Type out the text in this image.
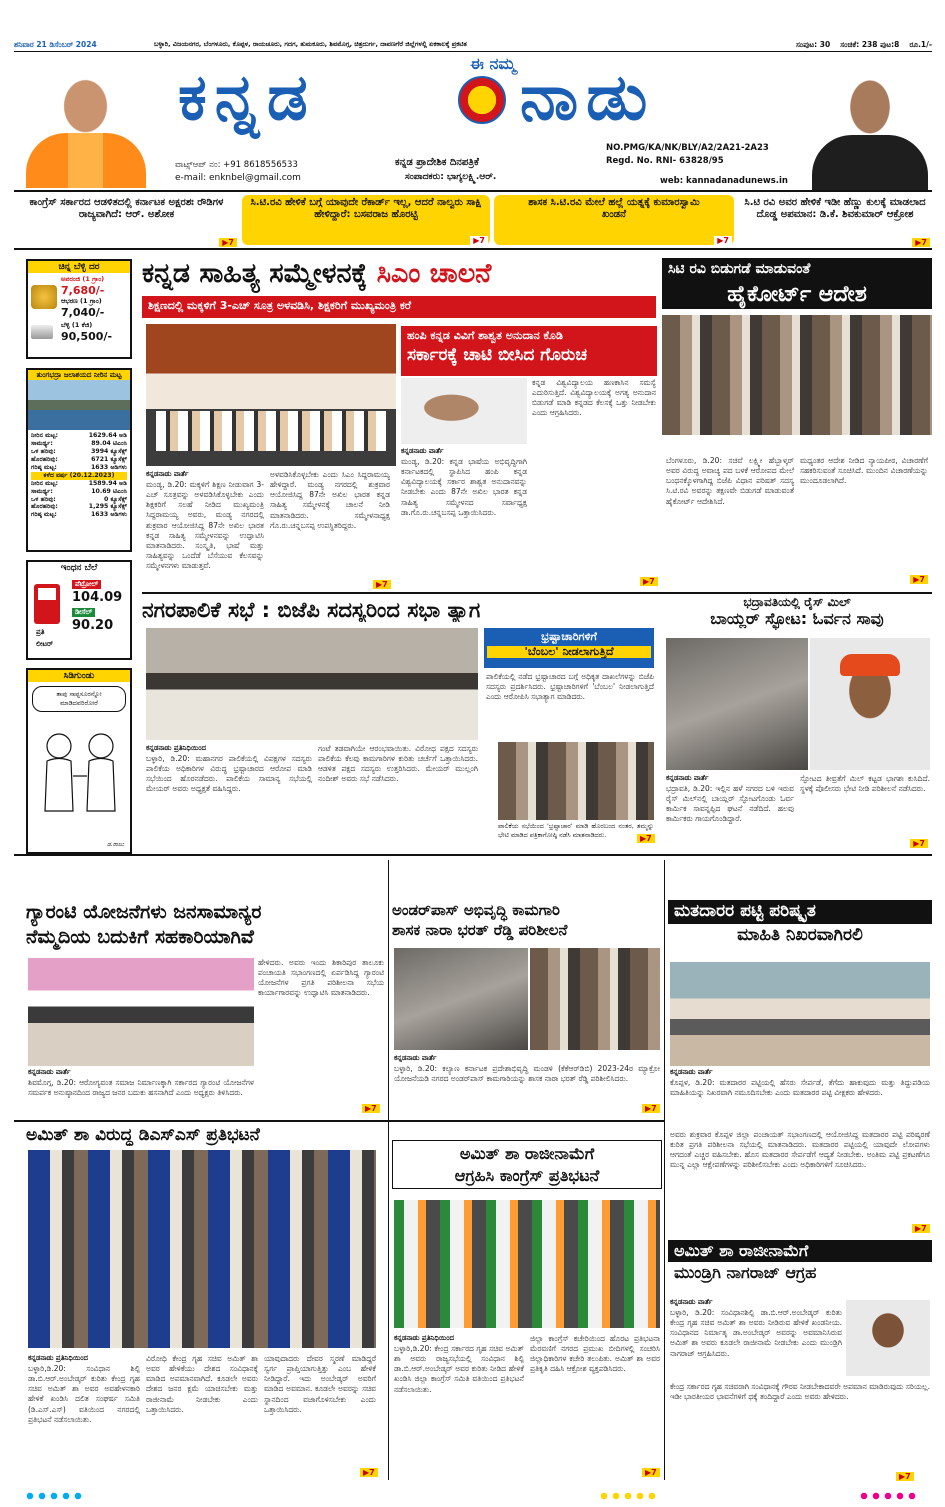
ಶನಿವಾರ 21 ಡಿಸೆಂಬರ್ 2024	ಬಳ್ಳಾರಿ, ವಿಜಯನಗರ, ಬೆಂಗಳೂರು, ಕೊಪ್ಪಳ, ರಾಯಚೂರು, ಗದಗ, ತುಮಕೂರು, ಶಿವಮೊಗ್ಗ, ಚಿತ್ರದುರ್ಗ, ದಾವಣಗೆರೆ ಜಿಲ್ಲೆಗಳಲ್ಲಿ ಏಕಕಾಲಕ್ಕೆ ಪ್ರಕಟಿತ	ಸಂಪುಟ: 30 ಸಂಚಿಕೆ: 238 ಪುಟ:8 ರೂ.1/-
ಈ ನಮ್ಮ
ಕನ್ನಡ	ನಾಡು
ಕನ್ನಡ ಪ್ರಾದೇಶಿಕ ದಿನಪತ್ರಿಕೆ
ಸಂಪಾದಕರು: ಭಾಗ್ಯಲಕ್ಷ್ಮಿ.ಆರ್.
ವಾಟ್ಸ್ಆಪ್ ನಂ: +91 8618556533
e-mail: enknbel@gmail.com
NO.PMG/KA/NK/BLY/A2/2A21-2A23
Regd. No. RNI- 63828/95
web: kannadanadunews.in
ಕಾಂಗ್ರೆಸ್ ಸರ್ಕಾರದ ಆಡಳಿತದಲ್ಲಿ ಕರ್ನಾಟಕ ಅಕ್ಷರಶಃ ರೌಡಿಗಳ ರಾಜ್ಯವಾಗಿದೆ: ಆರ್. ಅಶೋಕ
▶7
ಸಿ.ಟಿ.ರವಿ ಹೇಳಿಕೆ ಬಗ್ಗೆ ಯಾವುದೇ ರೆಕಾರ್ಡ್ ಇಲ್ಲ, ಆದರೆ ನಾಲ್ವರು ಸಾಕ್ಷಿ ಹೇಳಿದ್ದಾರೆ: ಬಸವರಾಜ ಹೊರಟ್ಟಿ
▶7
ಶಾಸಕ ಸಿ.ಟಿ.ರವಿ ಮೇಲೆ ಹಲ್ಲೆ ಯತ್ನಕ್ಕೆ ಕುಮಾರಸ್ವಾಮಿ ಖಂಡನೆ
▶7
ಸಿ.ಟಿ ರವಿ ಅವರ ಹೇಳಿಕೆ ಇಡೀ ಹೆಣ್ಣು ಕುಲಕ್ಕೆ ಮಾಡಲಾದ ದೊಡ್ಡ ಅಪಮಾನ: ಡಿ.ಕೆ. ಶಿವಕುಮಾರ್ ಆಕ್ರೋಶ
▶7
ಚಿನ್ನ ಬೆಳ್ಳಿ ದರ
ಅಪರಂಜಿ (1 ಗ್ರಾಂ)
7,680/-
ಆಭರಣ (1 ಗ್ರಾಂ)
7,040/-
ಬೆಳ್ಳಿ (1 ಕೆಜಿ)
90,500/-
ತುಂಗಭದ್ರಾ ಜಲಾಶಯದ ನೀರಿನ ಮಟ್ಟ
ನೀರಿನ ಮಟ್ಟ:	1629.64 ಅಡಿ
ಸಾಮರ್ಥ್ಯ:	89.04 ಟಿಎಂಸಿ
ಒಳ ಹರಿವು:	3994 ಕ್ಯೂಸೆಕ್ಸ್
ಹೊರಹರಿವು:	6721 ಕ್ಯೂಸೆಕ್ಸ್
ಗರಿಷ್ಠ ಮಟ್ಟ:	1633 ಅಡಿಗಳು
ಕಳೆದ ವರ್ಷ (20.12.2023)
ನೀರಿನ ಮಟ್ಟ:	1589.94 ಅಡಿ
ಸಾಮರ್ಥ್ಯ:	10.69 ಟಿಎಂಸಿ
ಒಳ ಹರಿವು:	0 ಕ್ಯೂಸೆಕ್ಸ್
ಹೊರಹರಿವು:	1,295 ಕ್ಯೂಸೆಕ್ಸ್
ಗರಿಷ್ಠ ಮಟ್ಟ:	1633 ಅಡಿಗಳು
ಇಂಧನ ಬೆಲೆ
ಪೆಟ್ರೋಲ್
104.09
ಡೀಸೆಲ್
90.20
ಪ್ರತಿ
ಲೀಟರ್
ಸಿಡಿಗುಂಡು
ತಾಪು ಸಾಪ್ಟಸೂರನ್ನೋ
ಮಾಡಿದವರಿರೋರೆ
ಡ.ರಾಜು
ಕನ್ನಡ ಸಾಹಿತ್ಯ ಸಮ್ಮೇಳನಕ್ಕೆ ಸಿಎಂ ಚಾಲನೆ
ಶಿಕ್ಷಣದಲ್ಲಿ ಮಕ್ಕಳಿಗೆ 3-ಎಚ್ ಸೂತ್ರ ಅಳವಡಿಸಿ, ಶಿಕ್ಷಕರಿಗೆ ಮುಖ್ಯಮಂತ್ರಿ ಕರೆ
ಕನ್ನಡನಾಡು ವಾರ್ತೆ
ಮಂಡ್ಯ, ಡಿ.20: ಮಕ್ಕಳಿಗೆ ಶಿಕ್ಷಣ ನೀಡುವಾಗ 3-ಎಚ್ ಸೂತ್ರವನ್ನು ಅಳವಡಿಸಿಕೊಳ್ಳಬೇಕು ಎಂದು ಶಿಕ್ಷಕರಿಗೆ ಸಲಹೆ ನೀಡಿದ ಮುಖ್ಯಮಂತ್ರಿ ಸಿದ್ದರಾಮಯ್ಯ ಅವರು, ಮಂಡ್ಯ ನಗರದಲ್ಲಿ ಶುಕ್ರವಾರ ಆಯೋಜಿಸಿದ್ದ 87ನೇ ಅಖಿಲ ಭಾರತ ಕನ್ನಡ ಸಾಹಿತ್ಯ ಸಮ್ಮೇಳನವನ್ನು ಉದ್ಘಾಟಿಸಿ ಮಾತನಾಡಿದರು. ಸಂಸ್ಕೃತಿ, ಭಾಷೆ ಮತ್ತು ಸಾಹಿತ್ಯವನ್ನು ಒಂದೆಡೆ ಬೆಸೆಯುವ ಕೆಲಸವನ್ನು ಸಮ್ಮೇಳನಗಳು ಮಾಡುತ್ತವೆ.
ಅಳವಡಿಸಿಕೊಳ್ಳಬೇಕು ಎಂದು ಸಿಎಂ ಸಿದ್ದರಾಮಯ್ಯ ಹೇಳಿದ್ದಾರೆ. ಮಂಡ್ಯ ನಗರದಲ್ಲಿ ಶುಕ್ರವಾರ ಆಯೋಜಿಸಿದ್ದ 87ನೇ ಅಖಿಲ ಭಾರತ ಕನ್ನಡ ಸಾಹಿತ್ಯ ಸಮ್ಮೇಳನಕ್ಕೆ ಚಾಲನೆ ನೀಡಿ ಮಾತನಾಡಿದರು. ಸಮ್ಮೇಳನಾಧ್ಯಕ್ಷ ಗೊ.ರು.ಚನ್ನಬಸಪ್ಪ ಉಪಸ್ಥಿತರಿದ್ದರು.
▶7
ಹಂಪಿ ಕನ್ನಡ ವಿವಿಗೆ ಶಾಶ್ವತ ಅನುದಾನ ಕೊಡಿ
ಸರ್ಕಾರಕ್ಕೆ ಚಾಟಿ ಬೀಸಿದ ಗೊರುಚ
ಕನ್ನಡನಾಡು ವಾರ್ತೆ
ಮಂಡ್ಯ, ಡಿ.20: ಕನ್ನಡ ಭಾಷೆಯ ಅಭಿವೃದ್ಧಿಗಾಗಿ ಕರ್ನಾಟಕದಲ್ಲಿ ಸ್ಥಾಪಿಸಿದ ಹಂಪಿ ಕನ್ನಡ ವಿಶ್ವವಿದ್ಯಾಲಯಕ್ಕೆ ಸರ್ಕಾರ ಶಾಶ್ವತ ಅನುದಾನವನ್ನು ನೀಡಬೇಕು ಎಂದು 87ನೇ ಅಖಿಲ ಭಾರತ ಕನ್ನಡ ಸಾಹಿತ್ಯ ಸಮ್ಮೇಳನದ ಸರ್ವಾಧ್ಯಕ್ಷ ಡಾ.ಗೊ.ರು.ಚನ್ನಬಸಪ್ಪ ಒತ್ತಾಯಿಸಿದರು.
ಕನ್ನಡ ವಿಶ್ವವಿದ್ಯಾಲಯ ಹಣಕಾಸಿನ ಸಮಸ್ಯೆ ಎದುರಿಸುತ್ತಿದೆ. ವಿಶ್ವವಿದ್ಯಾಲಯಕ್ಕೆ ಅಗತ್ಯ ಅನುದಾನ ಬಿಡುಗಡೆ ಮಾಡಿ ಕನ್ನಡದ ಕೆಲಸಕ್ಕೆ ಒತ್ತು ನೀಡಬೇಕು ಎಂದು ಆಗ್ರಹಿಸಿದರು.
▶7
ಸಿಟಿ ರವಿ ಬಿಡುಗಡೆ ಮಾಡುವಂತೆ
ಹೈಕೋರ್ಟ್ ಆದೇಶ
ಬೆಂಗಳೂರು, ಡಿ.20: ಸಚಿವೆ ಲಕ್ಷ್ಮೀ ಹೆಬ್ಬಾಳ್ಕರ್ ಅವರ ವಿರುದ್ಧ ಅವಾಚ್ಯ ಪದ ಬಳಕೆ ಆರೋಪದ ಮೇಲೆ ಬಂಧನಕ್ಕೊಳಗಾಗಿದ್ದ ಬಿಜೆಪಿ ವಿಧಾನ ಪರಿಷತ್ ಸದಸ್ಯ ಸಿ.ಟಿ.ರವಿ ಅವರನ್ನು ತಕ್ಷಣವೇ ಬಿಡುಗಡೆ ಮಾಡುವಂತೆ ಹೈಕೋರ್ಟ್ ಆದೇಶಿಸಿದೆ.
ಮಧ್ಯಂತರ ಆದೇಶ ನೀಡಿದ ನ್ಯಾಯಪೀಠ, ವಿಚಾರಣೆಗೆ ಸಹಕರಿಸುವಂತೆ ಸೂಚಿಸಿದೆ. ಮುಂದಿನ ವಿಚಾರಣೆಯನ್ನು ಮುಂದೂಡಲಾಗಿದೆ.
▶7
ನಗರಪಾಲಿಕೆ ಸಭೆ : ಬಿಜೆಪಿ ಸದಸ್ಯರಿಂದ ಸಭಾ ತ್ಯಾಗ
ಕನ್ನಡನಾಡು ಪ್ರತಿನಿಧಿಯಿಂದ
ಬಳ್ಳಾರಿ, ಡಿ.20: ಮಹಾನಗರ ಪಾಲಿಕೆಯಲ್ಲಿ ವಿಪಕ್ಷಗಳ ಸದಸ್ಯರು ಪಾಲಿಕೆಯ ಅಧಿಕಾರಿಗಳ ವಿರುದ್ಧ ಭ್ರಷ್ಟಾಚಾರದ ಆರೋಪ ಮಾಡಿ ಸಭೆಯಿಂದ ಹೊರನಡೆದರು. ಪಾಲಿಕೆಯ ಸಾಮಾನ್ಯ ಸಭೆಯಲ್ಲಿ ಮೇಯರ್ ಅವರು ಅಧ್ಯಕ್ಷತೆ ವಹಿಸಿದ್ದರು.
ಗಂಟೆ ತಡವಾಗಿಯೇ ಆರಂಭವಾಯಿತು. ವಿರೋಧ ಪಕ್ಷದ ಸದಸ್ಯರು ಪಾಲಿಕೆಯ ಕೆಲವು ಕಾಮಗಾರಿಗಳ ಕುರಿತು ಚರ್ಚೆಗೆ ಒತ್ತಾಯಿಸಿದರು. ಆಡಳಿತ ಪಕ್ಷದ ಸದಸ್ಯರು ಉತ್ತರಿಸಿದರು. ಮೇಯರ್ ಮುಲ್ಲಂಗಿ ನಂದೀಶ್ ಅವರು ಸಭೆ ನಡೆಸಿದರು.
ಭ್ರಷ್ಟಾಚಾರಿಗಳಿಗೆ
'ಬೆಂಬಲ' ನೀಡಲಾಗುತ್ತಿದೆ
ಪಾಲಿಕೆಯಲ್ಲಿ ನಡೆದ ಭ್ರಷ್ಟಾಚಾರದ ಬಗ್ಗೆ ಅಧಿಕೃತ ದಾಖಲೆಗಳನ್ನು ಬಿಜೆಪಿ ಸದಸ್ಯರು ಪ್ರದರ್ಶಿಸಿದರು. ಭ್ರಷ್ಟಾಚಾರಿಗಳಿಗೆ 'ಬೆಂಬಲ' ನೀಡಲಾಗುತ್ತಿದೆ ಎಂದು ಆರೋಪಿಸಿ ಸಭಾತ್ಯಾಗ ಮಾಡಿದರು.
ಪಾಲಿಕೆಯ ಸಭೆಯಿಂದ 'ಭ್ರಷ್ಟಾಚಾರ' ಮಾಡಿ ಹೊರಬಂದ ನಂತರ, ತಮ್ಮನ್ನು ಭೇಟಿ ಮಾಡಿದ ಪತ್ರಿಕಾಗೋಷ್ಠಿ ನಡೆಸಿ ಮಾತನಾಡಿದರು.	▶7
ಭದ್ರಾವತಿಯಲ್ಲಿ ರೈಸ್ ಮಿಲ್
ಬಾಯ್ಲರ್ ಸ್ಫೋಟ: ಓರ್ವನ ಸಾವು
ಕನ್ನಡನಾಡು ವಾರ್ತೆ
ಭದ್ರಾವತಿ, ಡಿ.20: ಇಲ್ಲಿನ ಹಳೆ ನಗರದ ಬಳಿ ಇರುವ ರೈಸ್ ಮಿಲ್‌ನಲ್ಲಿ ಬಾಯ್ಲರ್ ಸ್ಫೋಟಗೊಂಡು ಓರ್ವ ಕಾರ್ಮಿಕ ಸಾವನ್ನಪ್ಪಿದ ಘಟನೆ ನಡೆದಿದೆ. ಹಲವು ಕಾರ್ಮಿಕರು ಗಾಯಗೊಂಡಿದ್ದಾರೆ.
ಸ್ಫೋಟದ ತೀವ್ರತೆಗೆ ಮಿಲ್ ಕಟ್ಟಡ ಭಾಗಶಃ ಕುಸಿದಿದೆ. ಸ್ಥಳಕ್ಕೆ ಪೊಲೀಸರು ಭೇಟಿ ನೀಡಿ ಪರಿಶೀಲನೆ ನಡೆಸಿದರು.
▶7
ಗ್ಯಾರಂಟಿ ಯೋಜನೆಗಳು ಜನಸಾಮಾನ್ಯರ
ನೆಮ್ಮದಿಯ ಬದುಕಿಗೆ ಸಹಕಾರಿಯಾಗಿವೆ
ಕನ್ನಡನಾಡು ವಾರ್ತೆ
ಶಿವಮೊಗ್ಗ, ಡಿ.20: ಆರೋಗ್ಯವಂತ ಸಮಾಜ ನಿರ್ಮಾಣಕ್ಕಾಗಿ ಸರ್ಕಾರದ ಗ್ಯಾರಂಟಿ ಯೋಜನೆಗಳ ಸಮರ್ಪಕ ಅನುಷ್ಠಾನದಿಂದ ರಾಜ್ಯದ ಜನರ ಬದುಕು ಹಸನಾಗಿದೆ ಎಂದು ಅಧ್ಯಕ್ಷರು ತಿಳಿಸಿದರು.
ಹೇಳಿದರು. ಅವರು ಇಂದು ಶಿಕಾರಿಪುರ ತಾಲೂಕು ಪಂಚಾಯತಿ ಸಭಾಂಗಣದಲ್ಲಿ ಏರ್ಪಡಿಸಿದ್ದ ಗ್ಯಾರಂಟಿ ಯೋಜನೆಗಳ ಪ್ರಗತಿ ಪರಿಶೀಲನಾ ಸಭೆಯ ಕಾರ್ಯಾಗಾರವನ್ನು ಉದ್ಘಾಟಿಸಿ ಮಾತನಾಡಿದರು.
▶7
ಅಂಡರ್‌ಪಾಸ್ ಅಭಿವೃದ್ಧಿ ಕಾಮಗಾರಿ
ಶಾಸಕ ನಾರಾ ಭರತ್ ರೆಡ್ಡಿ ಪರಿಶೀಲನೆ
ಕನ್ನಡನಾಡು ವಾರ್ತೆ
ಬಳ್ಳಾರಿ, ಡಿ.20: ಕಲ್ಯಾಣ ಕರ್ನಾಟಕ ಪ್ರದೇಶಾಭಿವೃದ್ಧಿ ಮಂಡಳಿ (ಕೆಕೆಆರ್‌ಡಿಬಿ) 2023-24ರ ಮ್ಯಾಕ್ರೋ ಯೋಜನೆಯಡಿ ನಗರದ ಅಂಡರ್‌ಪಾಸ್ ಕಾಮಗಾರಿಯನ್ನು ಶಾಸಕ ನಾರಾ ಭರತ್ ರೆಡ್ಡಿ ಪರಿಶೀಲಿಸಿದರು.
▶7
ಮತದಾರರ ಪಟ್ಟಿ ಪರಿಷ್ಕೃತ
ಮಾಹಿತಿ ನಿಖರವಾಗಿರಲಿ
ಕನ್ನಡನಾಡು ವಾರ್ತೆ
ಕೊಪ್ಪಳ, ಡಿ.20: ಮತದಾರರ ಪಟ್ಟಿಯಲ್ಲಿ ಹೆಸರು ಸೇರ್ಪಡೆ, ತೆಗೆದು ಹಾಕುವುದು ಮತ್ತು ತಿದ್ದುಪಡಿಯ ಮಾಹಿತಿಯನ್ನು ನಿಖರವಾಗಿ ನಮೂದಿಸಬೇಕು ಎಂದು ಮತದಾರರ ಪಟ್ಟಿ ವೀಕ್ಷಕರು ಹೇಳಿದರು.
ಅವರು ಶುಕ್ರವಾರ ಕೊಪ್ಪಳ ಜಿಲ್ಲಾ ಪಂಚಾಯತ್ ಸಭಾಂಗಣದಲ್ಲಿ ಆಯೋಜಿಸಿದ್ದ ಮತದಾರರ ಪಟ್ಟಿ ಪರಿಷ್ಕರಣೆ ಕುರಿತ ಪ್ರಗತಿ ಪರಿಶೀಲನಾ ಸಭೆಯಲ್ಲಿ ಮಾತನಾಡಿದರು. ಮತದಾರರ ಪಟ್ಟಿಯಲ್ಲಿ ಯಾವುದೇ ಲೋಪಗಳು ಆಗದಂತೆ ಎಚ್ಚರ ವಹಿಸಬೇಕು. ಹೊಸ ಮತದಾರರ ಸೇರ್ಪಡೆಗೆ ಆದ್ಯತೆ ನೀಡಬೇಕು. ಅಂತಿಮ ಪಟ್ಟಿ ಪ್ರಕಟಣೆಗೂ ಮುನ್ನ ಎಲ್ಲಾ ಆಕ್ಷೇಪಣೆಗಳನ್ನು ಪರಿಶೀಲಿಸಬೇಕು ಎಂದು ಅಧಿಕಾರಿಗಳಿಗೆ ಸೂಚಿಸಿದರು.
▶7
ಅಮಿತ್ ಶಾ ವಿರುದ್ಧ ಡಿಎಸ್‌ಎಸ್ ಪ್ರತಿಭಟನೆ
ಕನ್ನಡನಾಡು ಪ್ರತಿನಿಧಿಯಿಂದ
ಬಳ್ಳಾರಿ,ಡಿ.20: ಸಂವಿಧಾನ ಶಿಲ್ಪಿ ಡಾ.ಬಿ.ಆರ್.ಅಂಬೇಡ್ಕರ್ ಕುರಿತು ಕೇಂದ್ರ ಗೃಹ ಸಚಿವ ಅಮಿತ್ ಶಾ ಅವರ ಅವಹೇಳನಕಾರಿ ಹೇಳಿಕೆ ಖಂಡಿಸಿ ದಲಿತ ಸಂಘರ್ಷ ಸಮಿತಿ (ಡಿ.ಎಸ್.ಎಸ್) ವತಿಯಿಂದ ನಗರದಲ್ಲಿ ಪ್ರತಿಭಟನೆ ನಡೆಸಲಾಯಿತು.
ವಿರೋಧಿ ಕೇಂದ್ರ ಗೃಹ ಸಚಿವ ಅಮಿತ್ ಶಾ ಅವರ ಹೇಳಿಕೆಯು ದೇಶದ ಸಂವಿಧಾನಕ್ಕೆ ಮಾಡಿದ ಅಪಮಾನವಾಗಿದೆ. ಕೂಡಲೇ ಅವರು ದೇಶದ ಜನರ ಕ್ಷಮೆ ಯಾಚಿಸಬೇಕು ಮತ್ತು ರಾಜೀನಾಮೆ ನೀಡಬೇಕು ಎಂದು ಒತ್ತಾಯಿಸಿದರು.
ಯಾವುದಾದರು ದೇವರ ಸ್ಮರಣೆ ಮಾಡಿದ್ದರೆ ಸ್ವರ್ಗ ಪ್ರಾಪ್ತಿಯಾಗುತ್ತಿತ್ತು ಎಂಬ ಹೇಳಿಕೆ ನೀಡಿದ್ದಾರೆ. ಇದು ಅಂಬೇಡ್ಕರ್ ಅವರಿಗೆ ಮಾಡಿದ ಅವಮಾನ. ಕೂಡಲೇ ಅವರನ್ನು ಸಚಿವ ಸ್ಥಾನದಿಂದ ವಜಾಗೊಳಿಸಬೇಕು ಎಂದು ಒತ್ತಾಯಿಸಿದರು.
▶7
ಅಮಿತ್ ಶಾ ರಾಜೀನಾಮೆಗೆ
ಆಗ್ರಹಿಸಿ ಕಾಂಗ್ರೆಸ್ ಪ್ರತಿಭಟನೆ
ಕನ್ನಡನಾಡು ಪ್ರತಿನಿಧಿಯಿಂದ
ಬಳ್ಳಾರಿ,ಡಿ.20: ಕೇಂದ್ರ ಸರ್ಕಾರದ ಗೃಹ ಸಚಿವ ಅಮಿತ್ ಶಾ ಅವರು ರಾಜ್ಯಸಭೆಯಲ್ಲಿ ಸಂವಿಧಾನ ಶಿಲ್ಪಿ ಡಾ.ಬಿ.ಆರ್.ಅಂಬೇಡ್ಕರ್ ಅವರ ಕುರಿತು ನೀಡಿದ ಹೇಳಿಕೆ ಖಂಡಿಸಿ ಜಿಲ್ಲಾ ಕಾಂಗ್ರೆಸ್ ಸಮಿತಿ ವತಿಯಿಂದ ಪ್ರತಿಭಟನೆ ನಡೆಸಲಾಯಿತು.
ಜಿಲ್ಲಾ ಕಾಂಗ್ರೆಸ್ ಕಚೇರಿಯಿಂದ ಹೊರಟ ಪ್ರತಿಭಟನಾ ಮೆರವಣಿಗೆ ನಗರದ ಪ್ರಮುಖ ಬೀದಿಗಳಲ್ಲಿ ಸಂಚರಿಸಿ ಜಿಲ್ಲಾಧಿಕಾರಿಗಳ ಕಚೇರಿ ತಲುಪಿತು. ಅಮಿತ್ ಶಾ ಅವರ ಪ್ರತಿಕೃತಿ ದಹಿಸಿ ಆಕ್ರೋಶ ವ್ಯಕ್ತಪಡಿಸಿದರು.
▶7
ಅಮಿತ್ ಶಾ ರಾಜೀನಾಮೆಗೆ
ಮುಂಡ್ರಿಗಿ ನಾಗರಾಜ್ ಆಗ್ರಹ
ಕನ್ನಡನಾಡು ವಾರ್ತೆ
ಬಳ್ಳಾರಿ, ಡಿ.20: ಸಂವಿಧಾನಶಿಲ್ಪಿ ಡಾ.ಬಿ.ಆರ್.ಅಂಬೇಡ್ಕರ್ ಕುರಿತು ಕೇಂದ್ರ ಗೃಹ ಸಚಿವ ಅಮಿತ್ ಶಾ ಅವರು ನೀಡಿರುವ ಹೇಳಿಕೆ ಖಂಡನೀಯ. ಸಂವಿಧಾನದ ನಿರ್ಮಾತೃ ಡಾ.ಅಂಬೇಡ್ಕರ್ ಅವರನ್ನು ಅವಮಾನಿಸಿರುವ ಅಮಿತ್ ಶಾ ಅವರು ಕೂಡಲೇ ರಾಜೀನಾಮೆ ನೀಡಬೇಕು ಎಂದು ಮುಂಡ್ರಿಗಿ ನಾಗರಾಜ್ ಆಗ್ರಹಿಸಿದರು.
ಕೇಂದ್ರ ಸರ್ಕಾರದ ಗೃಹ ಸಚಿವರಾಗಿ ಸಂವಿಧಾನಕ್ಕೆ ಗೌರವ ನೀಡಬೇಕಾದವರೇ ಅಪಮಾನ ಮಾಡಿರುವುದು ಸರಿಯಲ್ಲ. ಇಡೀ ಭಾರತೀಯರ ಭಾವನೆಗಳಿಗೆ ಧಕ್ಕೆ ತಂದಿದ್ದಾರೆ ಎಂದು ಅವರು ಹೇಳಿದರು.
▶7
